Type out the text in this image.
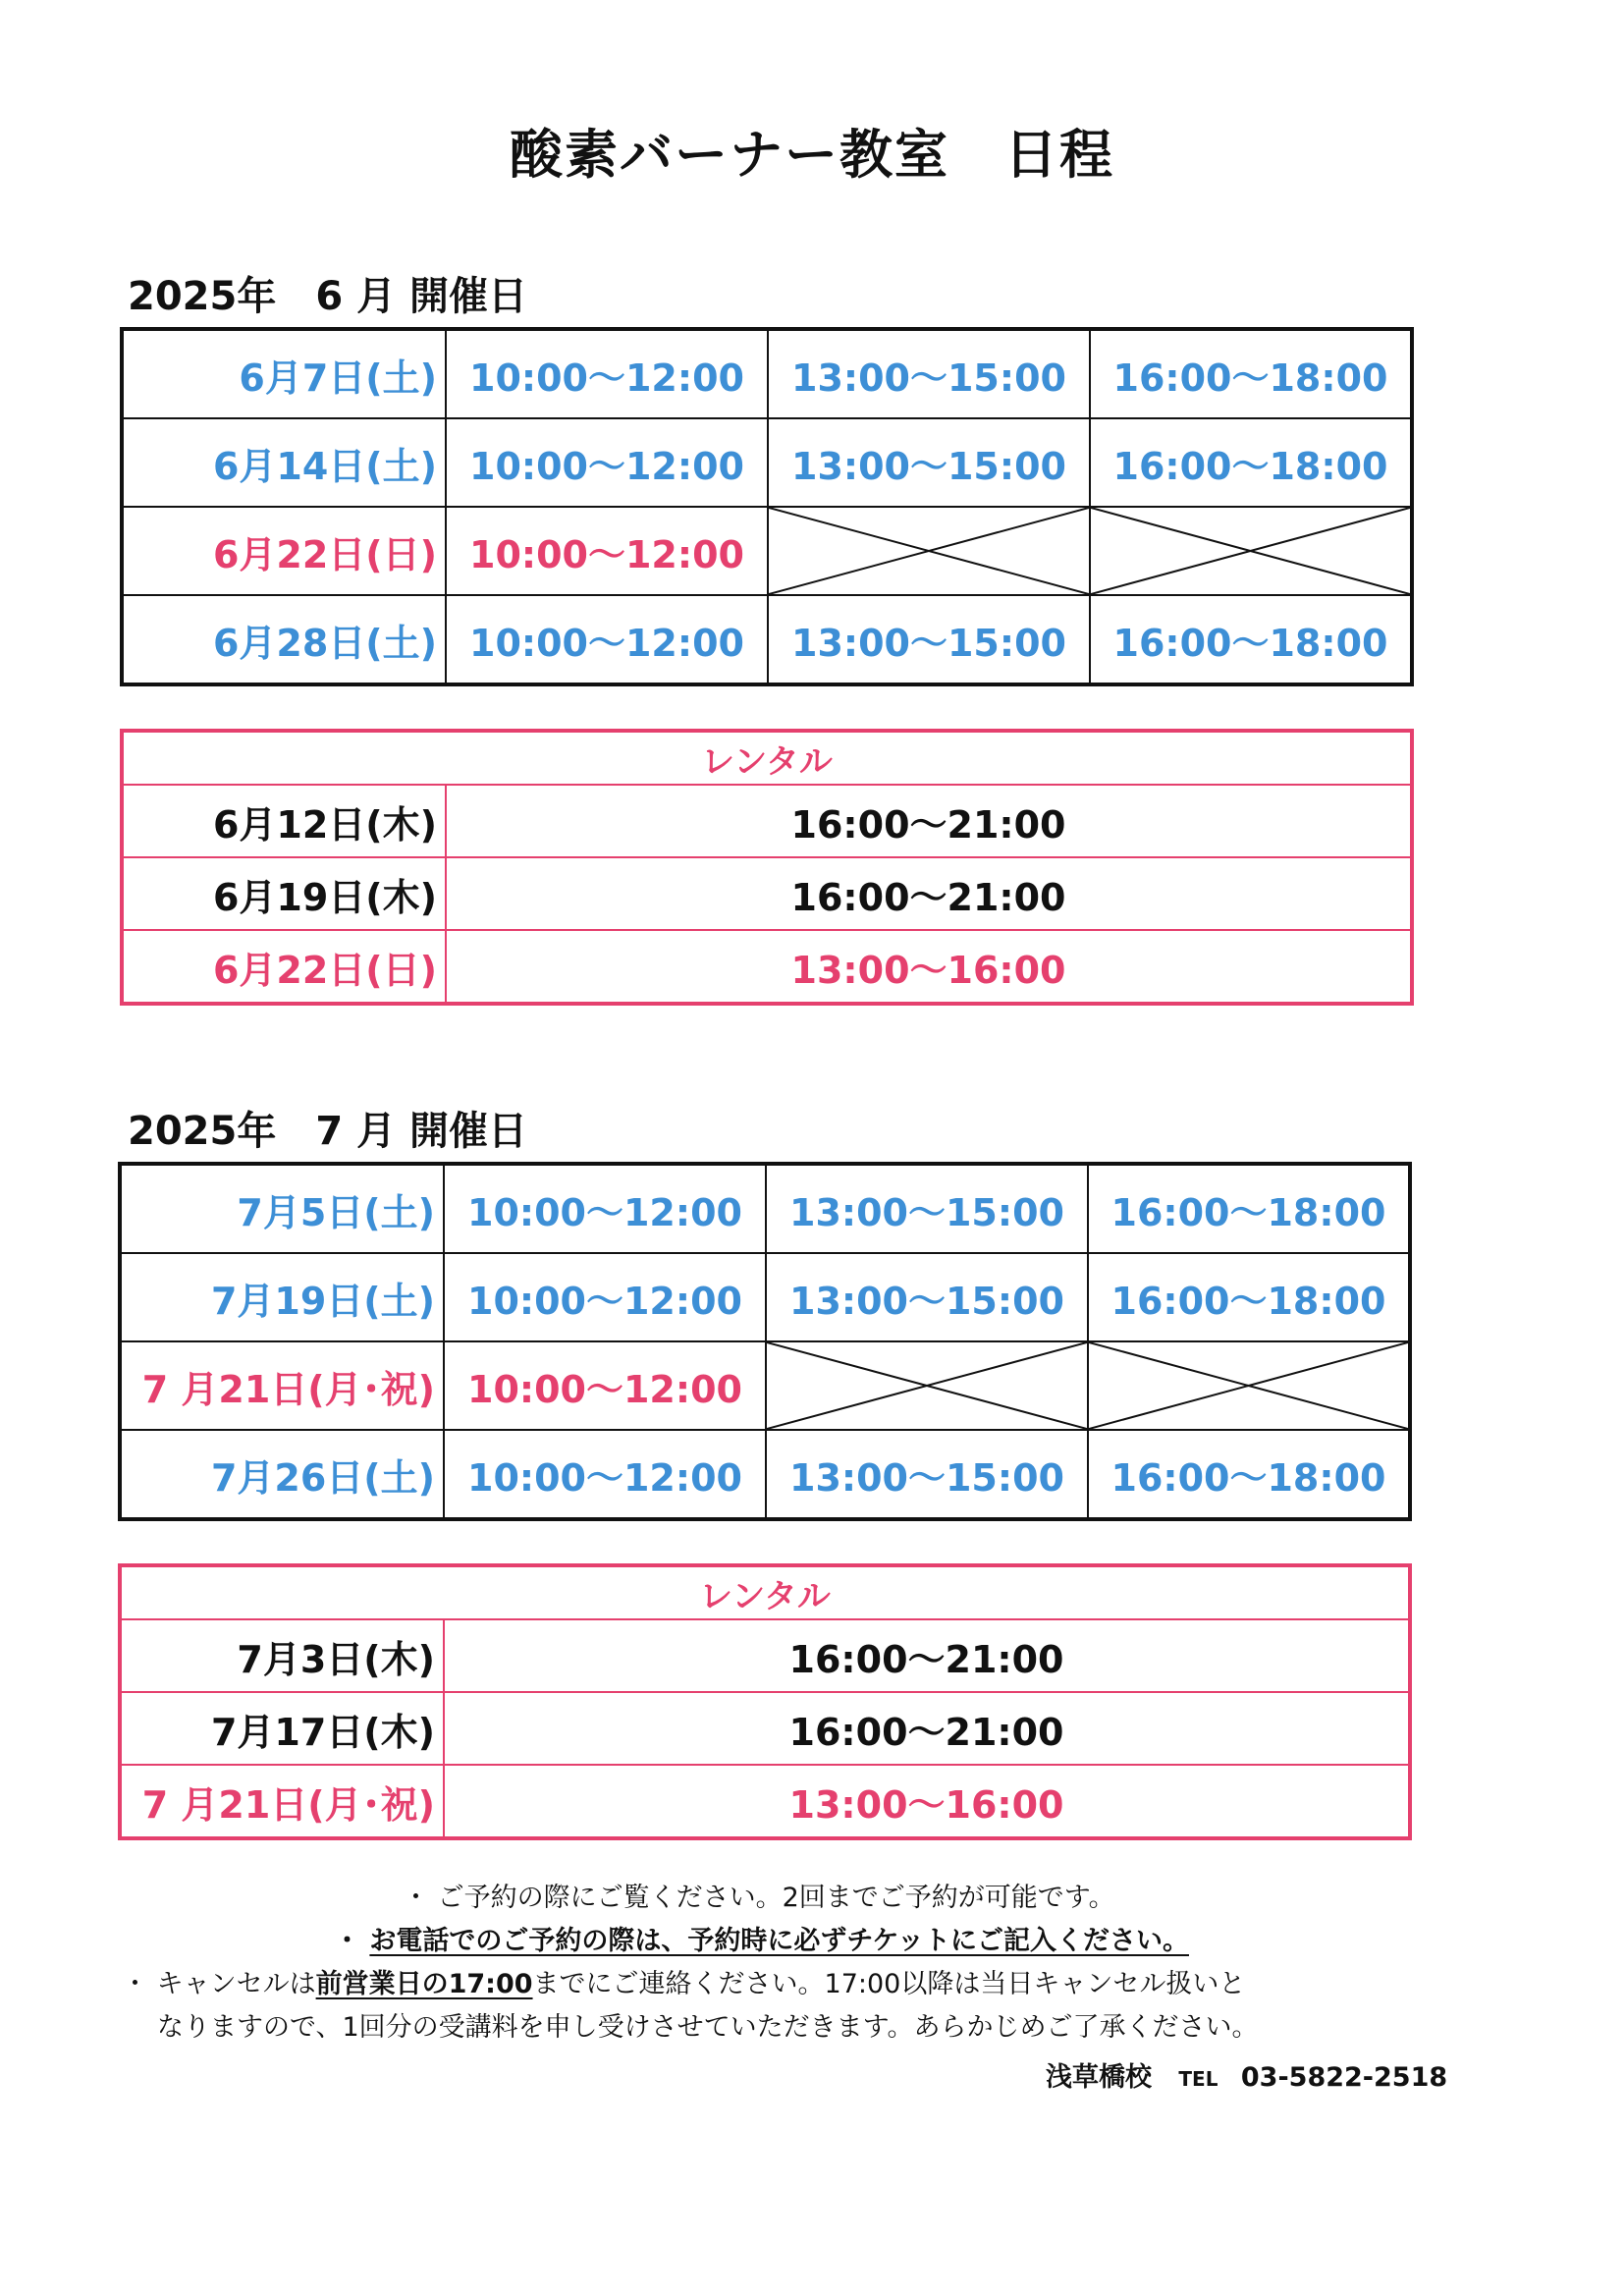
酸素バーナー教室　日程
2025年　6 月 開催日
6月7日(土)	10:00～12:00	13:00～15:00	16:00～18:00
6月14日(土)	10:00～12:00	13:00～15:00	16:00～18:00
6月22日(日)	10:00～12:00	

6月28日(土)	10:00～12:00	13:00～15:00	16:00～18:00
レンタル	
6月12日(木)	16:00～21:00
6月19日(木)	16:00～21:00
6月22日(日)	13:00～16:00
2025年　7 月 開催日
7月5日(土)	10:00～12:00	13:00～15:00	16:00～18:00
7月19日(土)	10:00～12:00	13:00～15:00	16:00～18:00
7 月21日(月･祝)	10:00～12:00	

7月26日(土)	10:00～12:00	13:00～15:00	16:00～18:00
レンタル	
7月3日(木)	16:00～21:00
7月17日(木)	16:00～21:00
7 月21日(月･祝)	13:00～16:00
・ ご予約の際にご覧ください。2回までご予約が可能です。
・ お電話でのご予約の際は、予約時に必ずチケットにご記入ください。
・ キャンセルは前営業日の17:00までにご連絡ください。17:00以降は当日キャンセル扱いと
なりますので、1回分の受講料を申し受けさせていただきます。あらかじめご了承ください。
浅草橋校 TEL 03-5822-2518
